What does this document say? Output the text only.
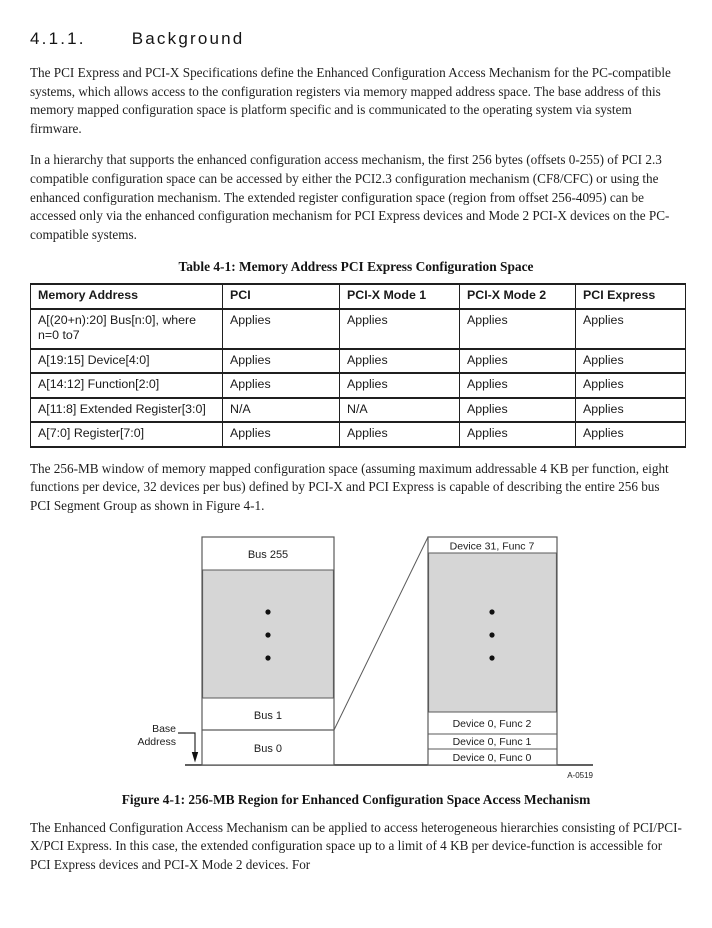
4.1.1.	Background

The PCI Express and PCI-X Specifications define the Enhanced Configuration Access Mechanism for the PC-compatible systems, which allows access to the configuration registers via memory mapped address space. The base address of this memory mapped configuration space is platform specific and is communicated to the operating system via system firmware.

In a hierarchy that supports the enhanced configuration access mechanism, the first 256 bytes (offsets 0-255) of PCI 2.3 compatible configuration space can be accessed by either the PCI2.3 configuration mechanism (CF8/CFC) or using the enhanced configuration mechanism. The extended register configuration space (region from offset 256-4095) can be accessed only via the enhanced configuration mechanism for PCI Express devices and Mode 2 PCI-X devices on the PC-compatible systems.

Table 4-1: Memory Address PCI Express Configuration Space
Memory Address	PCI	PCI-X Mode 1	PCI-X Mode 2	PCI Express
A[(20+n):20] Bus[n:0], where n=0 to7	Applies	Applies	Applies	Applies
A[19:15] Device[4:0]	Applies	Applies	Applies	Applies
A[14:12] Function[2:0]	Applies	Applies	Applies	Applies
A[11:8] Extended Register[3:0]	N/A	N/A	Applies	Applies
A[7:0] Register[7:0]	Applies	Applies	Applies	Applies

The 256-MB window of memory mapped configuration space (assuming maximum addressable 4 KB per function, eight functions per device, 32 devices per bus) defined by PCI-X and PCI Express is capable of describing the entire 256 bus PCI Segment Group as shown in Figure 4-1.

Bus 255
Bus 1
Bus 0
Device 31, Func 7
Device 0, Func 2
Device 0, Func 1
Device 0, Func 0
Base
Address
A-0519
Figure 4-1: 256-MB Region for Enhanced Configuration Space Access Mechanism

The Enhanced Configuration Access Mechanism can be applied to access heterogeneous hierarchies consisting of PCI/PCI-X/PCI Express. In this case, the extended configuration space up to a limit of 4 KB per device-function is accessible for PCI Express devices and PCI-X Mode 2 devices. For
